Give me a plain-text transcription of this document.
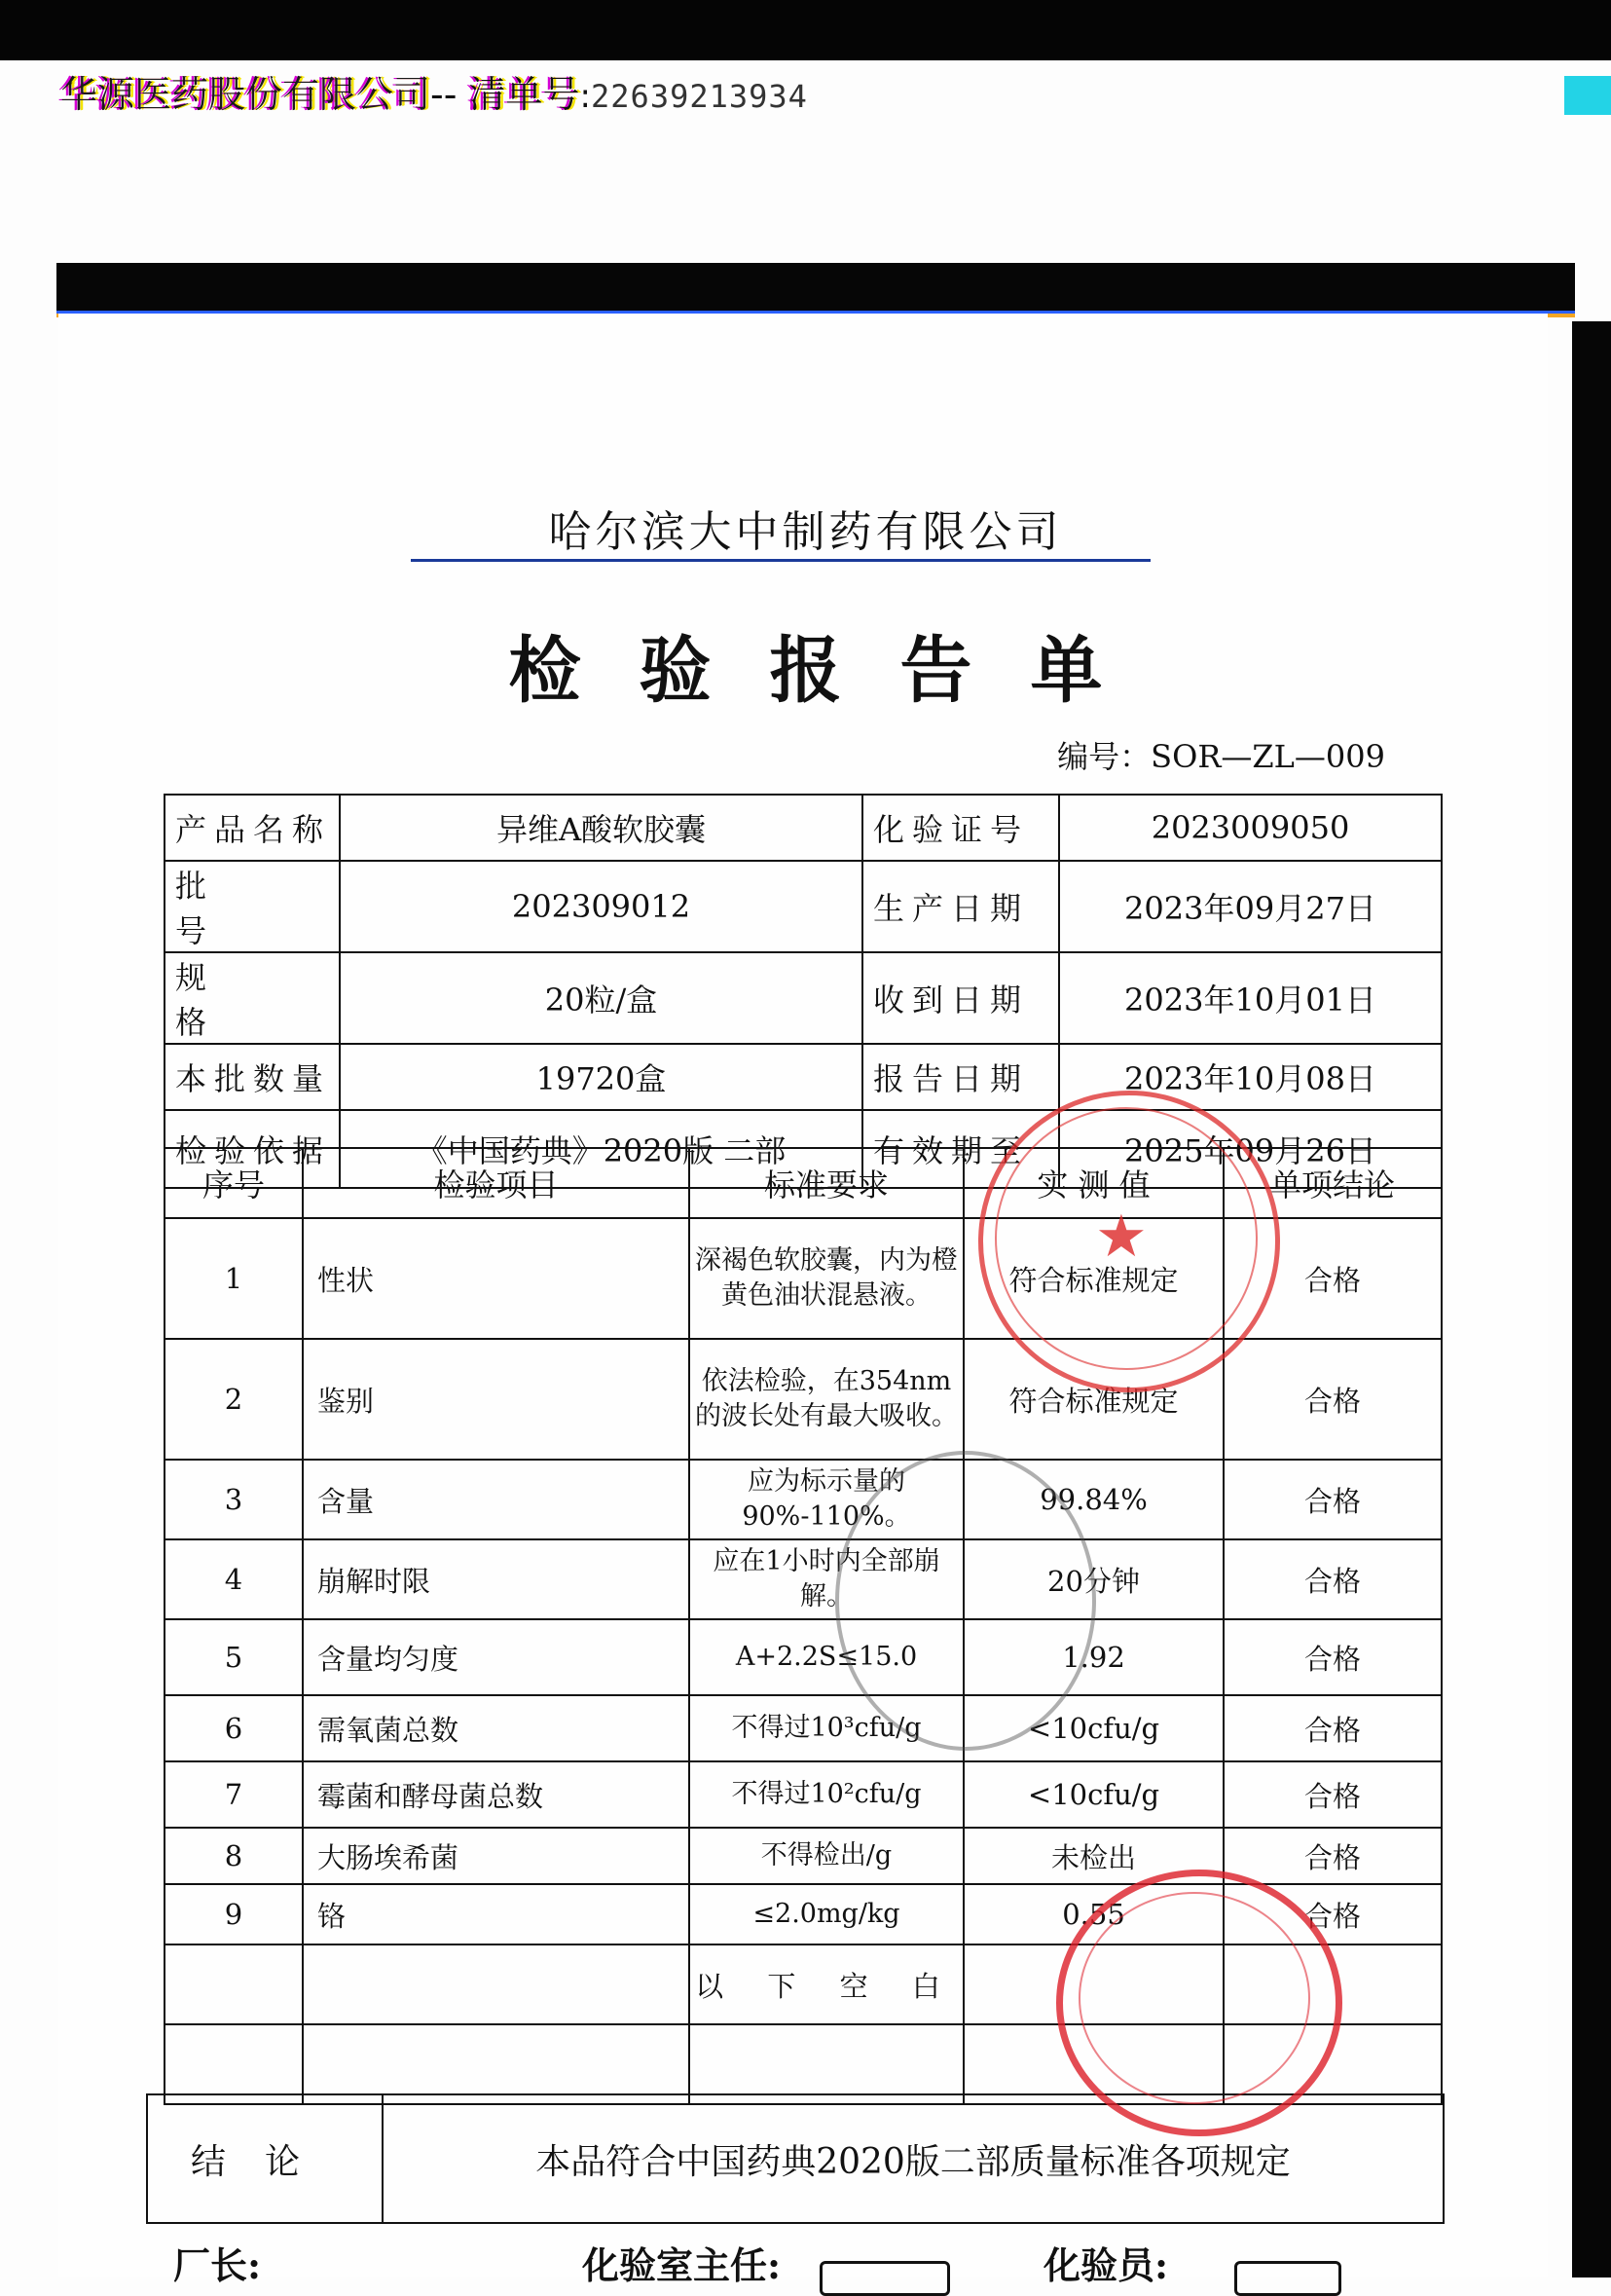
华源医药股份有限公司-- 清单号:22639213934
哈尔滨大中制药有限公司
检验报告单
编号：SOR—ZL—009
产品名称	异维A酸软胶囊	化验证号	2023009050
批号	202309012	生产日期	2023年09月27日
规格	20粒/盒	收到日期	2023年10月01日
本批数量	19720盒	报告日期	2023年10月08日
检验依据	《中国药典》2020版 二部	有效期至	2025年09月26日
序号	检验项目	标准要求	实 测 值	单项结论
1	性状	深褐色软胶囊，内为橙黄色油状混悬液。	符合标准规定	合格
2	鉴别	依法检验，在354nm的波长处有最大吸收。	符合标准规定	合格
3	含量	应为标示量的90%-110%。	99.84%	合格
4	崩解时限	应在1小时内全部崩解。	20分钟	合格
5	含量均匀度	A+2.2S≤15.0	1.92	合格
6	需氧菌总数	不得过10³cfu/g	<10cfu/g	合格
7	霉菌和酵母菌总数	不得过10²cfu/g	<10cfu/g	合格
8	大肠埃希菌	不得检出/g	未检出	合格
9	铬	≤2.0mg/kg	0.55	合格
		以 下 空 白		

结论	本品符合中国药典2020版二部质量标准各项规定
★
厂长:	化验室主任:	化验员:
